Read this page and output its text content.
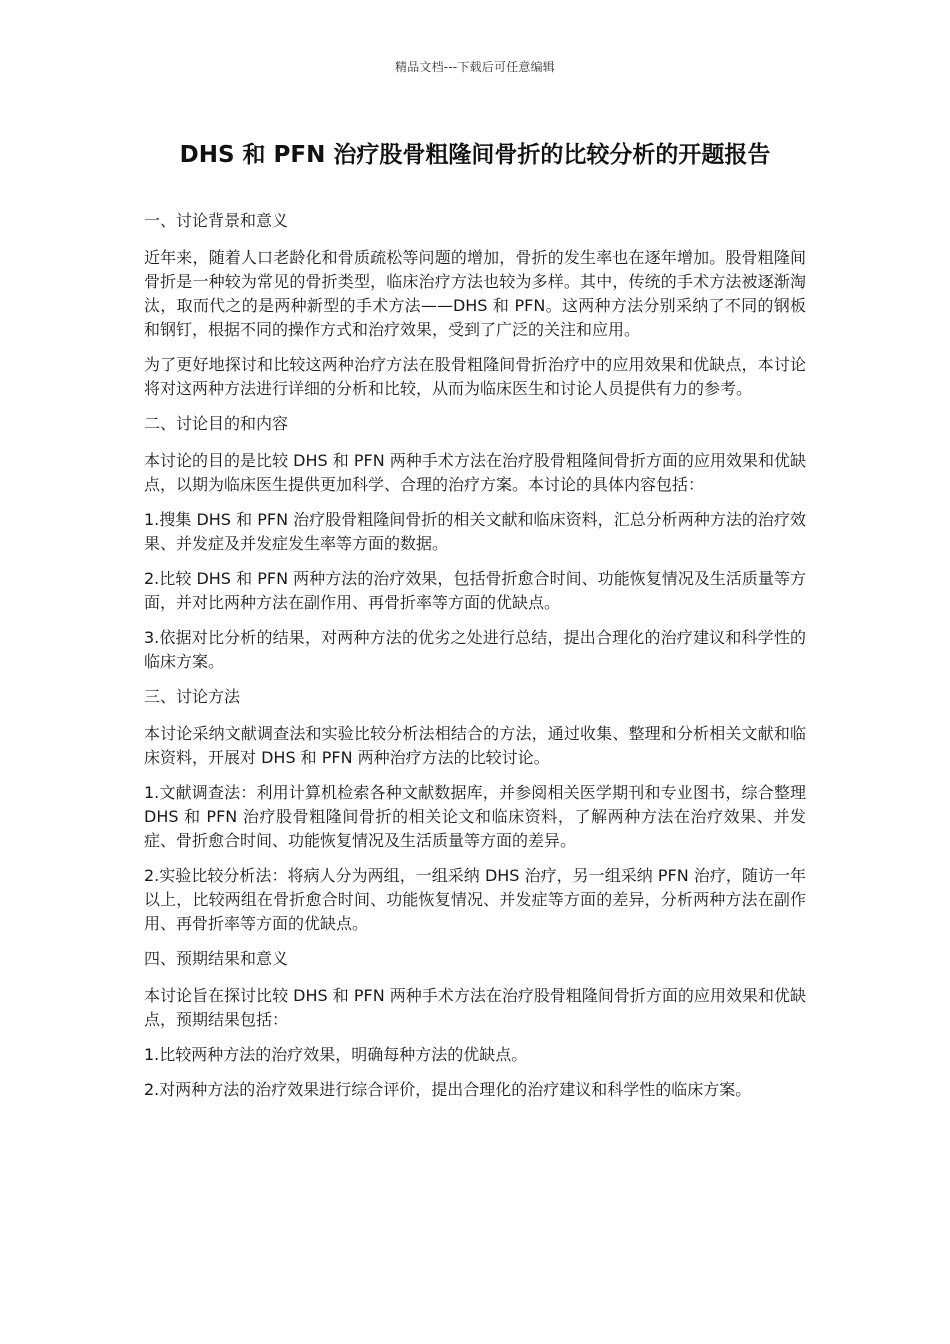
精品文档---下载后可任意编辑
DHS 和 PFN 治疗股骨粗隆间骨折的比较分析的开题报告

一、讨论背景和意义

近年来，随着人口老龄化和骨质疏松等问题的增加，骨折的发生率也在逐年增加。股骨粗隆间骨折是一种较为常见的骨折类型，临床治疗方法也较为多样。其中，传统的手术方法被逐渐淘汰，取而代之的是两种新型的手术方法——DHS 和 PFN。这两种方法分别采纳了不同的钢板和钢钉，根据不同的操作方式和治疗效果，受到了广泛的关注和应用。

为了更好地探讨和比较这两种治疗方法在股骨粗隆间骨折治疗中的应用效果和优缺点，本讨论将对这两种方法进行详细的分析和比较，从而为临床医生和讨论人员提供有力的参考。

二、讨论目的和内容

本讨论的目的是比较 DHS 和 PFN 两种手术方法在治疗股骨粗隆间骨折方面的应用效果和优缺点，以期为临床医生提供更加科学、合理的治疗方案。本讨论的具体内容包括：

1.搜集 DHS 和 PFN 治疗股骨粗隆间骨折的相关文献和临床资料，汇总分析两种方法的治疗效果、并发症及并发症发生率等方面的数据。

2.比较 DHS 和 PFN 两种方法的治疗效果，包括骨折愈合时间、功能恢复情况及生活质量等方面，并对比两种方法在副作用、再骨折率等方面的优缺点。

3.依据对比分析的结果，对两种方法的优劣之处进行总结，提出合理化的治疗建议和科学性的临床方案。

三、讨论方法

本讨论采纳文献调查法和实验比较分析法相结合的方法，通过收集、整理和分析相关文献和临床资料，开展对 DHS 和 PFN 两种治疗方法的比较讨论。

1.文献调查法：利用计算机检索各种文献数据库，并参阅相关医学期刊和专业图书，综合整理 DHS 和 PFN 治疗股骨粗隆间骨折的相关论文和临床资料，了解两种方法在治疗效果、并发症、骨折愈合时间、功能恢复情况及生活质量等方面的差异。

2.实验比较分析法：将病人分为两组，一组采纳 DHS 治疗，另一组采纳 PFN 治疗，随访一年以上，比较两组在骨折愈合时间、功能恢复情况、并发症等方面的差异，分析两种方法在副作用、再骨折率等方面的优缺点。

四、预期结果和意义

本讨论旨在探讨比较 DHS 和 PFN 两种手术方法在治疗股骨粗隆间骨折方面的应用效果和优缺点，预期结果包括：

1.比较两种方法的治疗效果，明确每种方法的优缺点。

2.对两种方法的治疗效果进行综合评价，提出合理化的治疗建议和科学性的临床方案。
